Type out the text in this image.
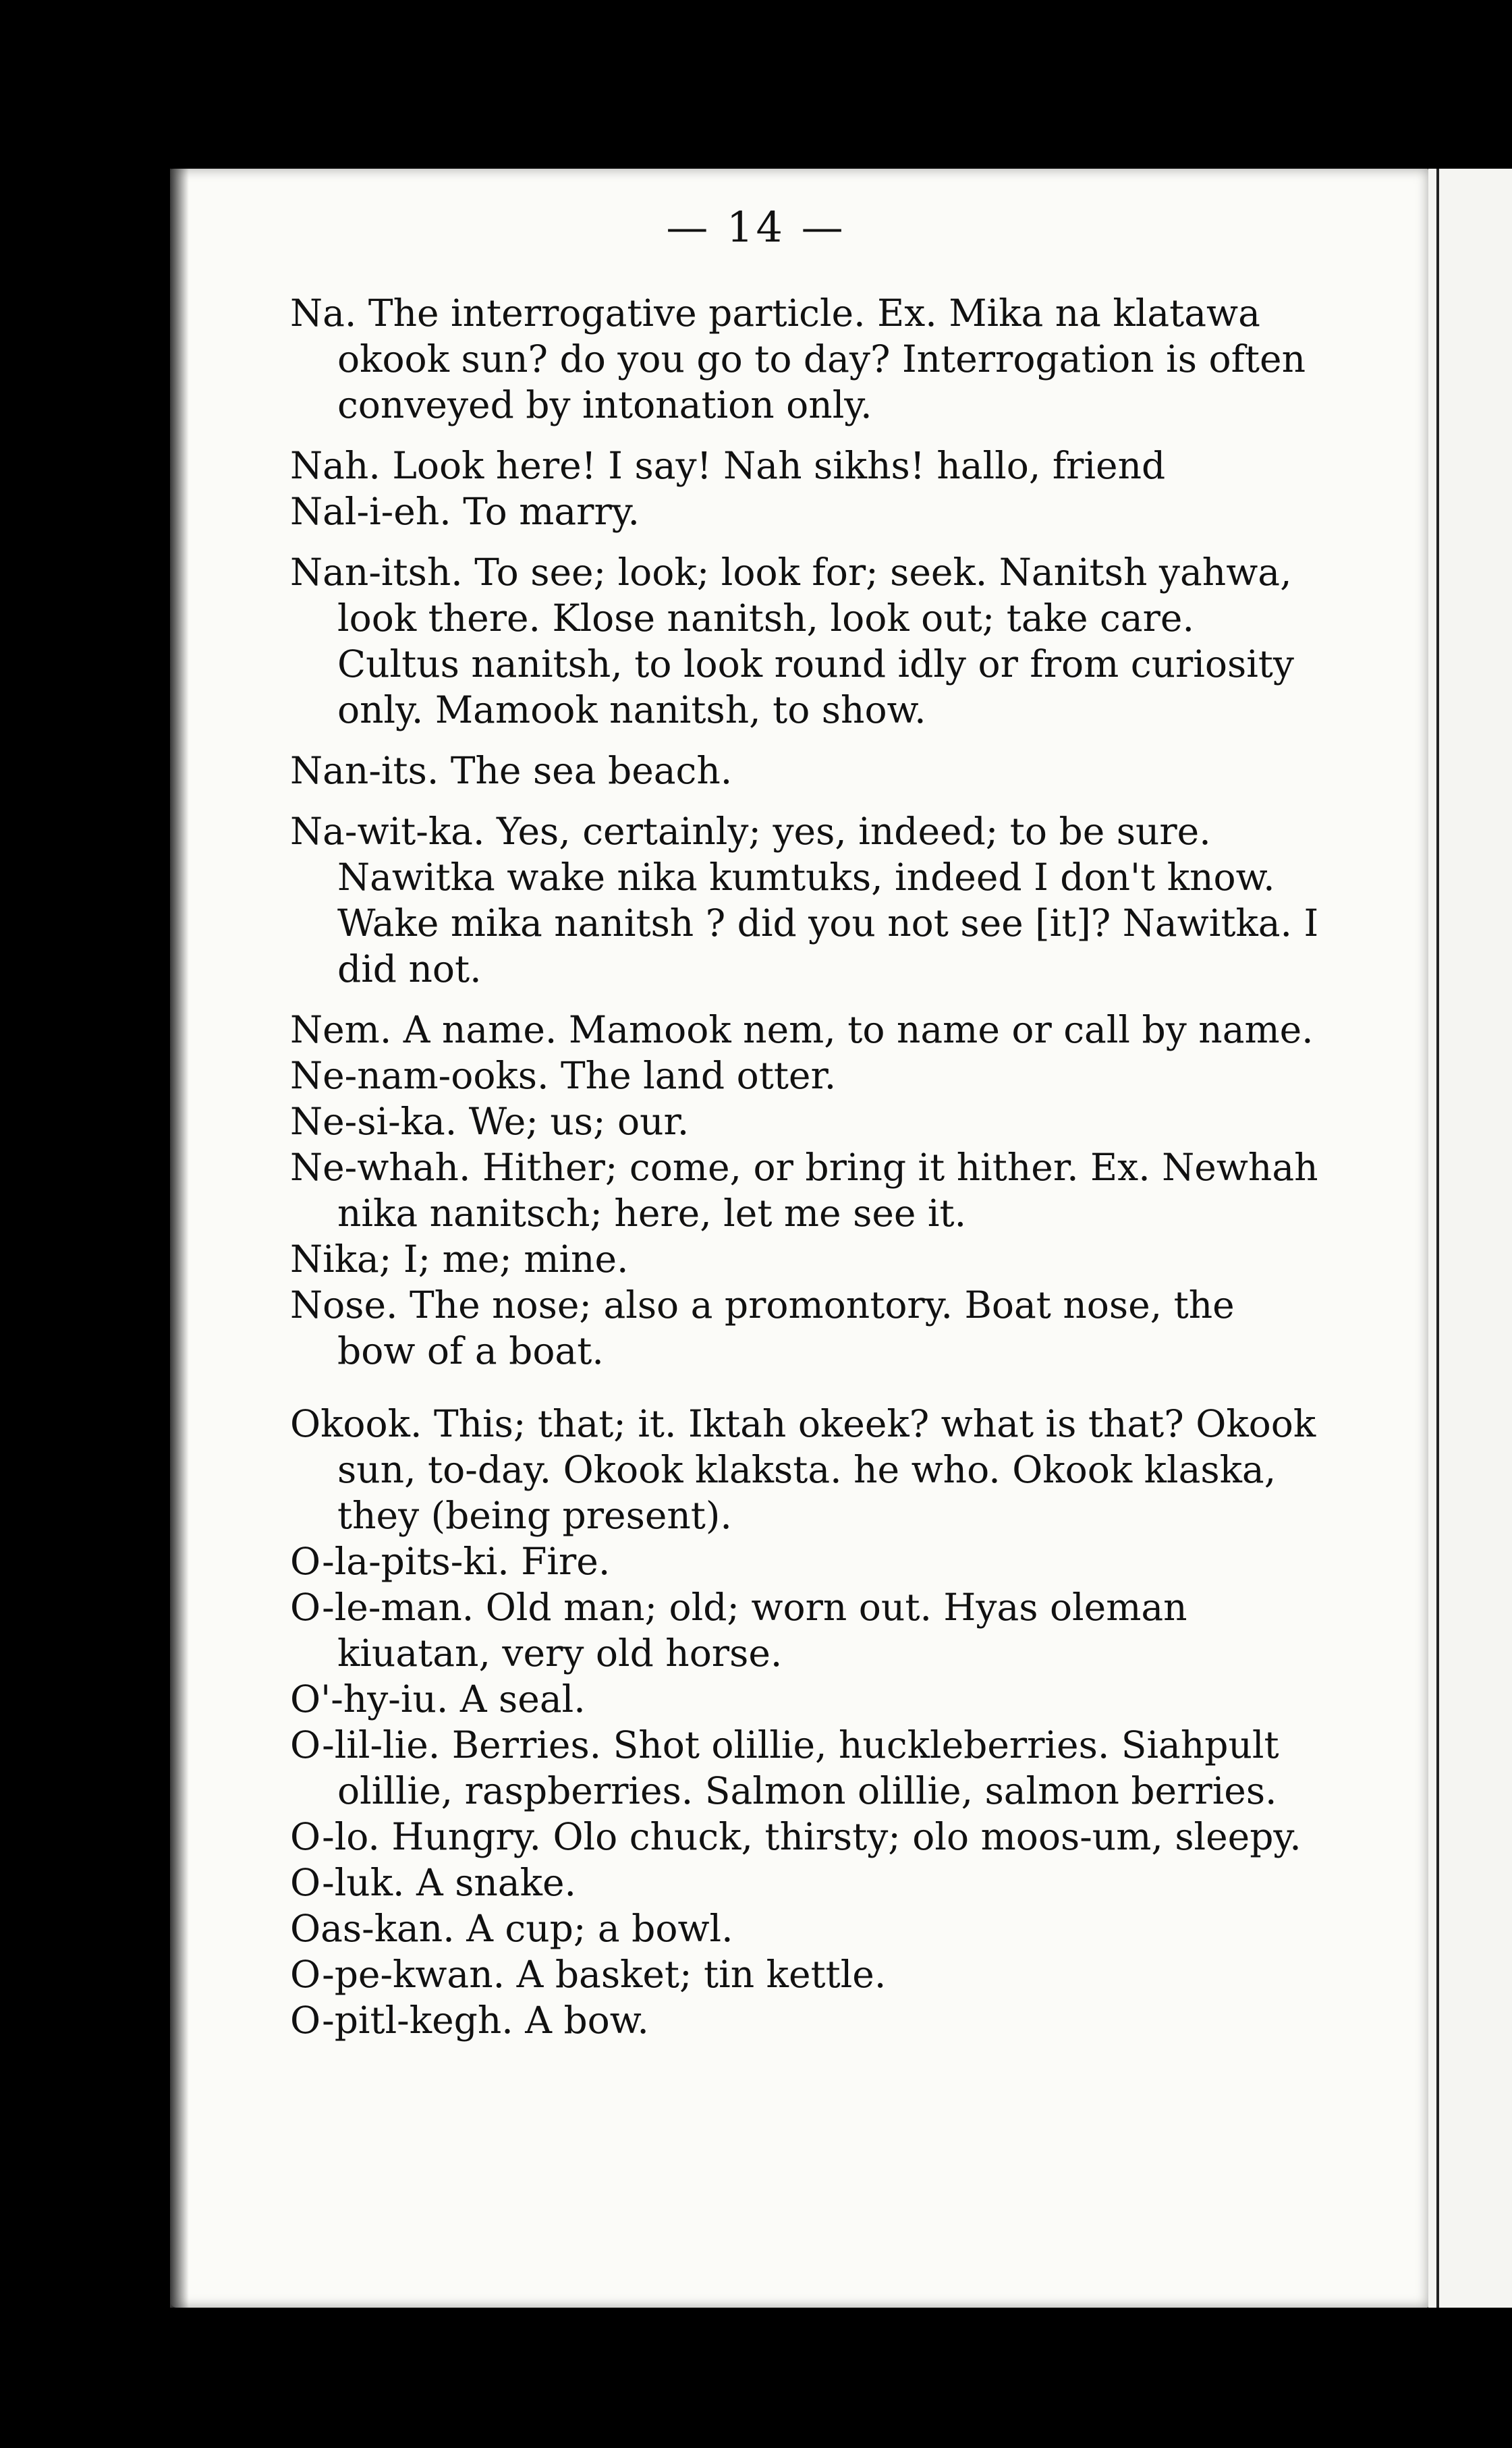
— 14 —

Na. The interrogative particle. Ex. Mika na klatawa okook sun? do you go to day? Interrogation is often conveyed by intonation only.

Nah. Look here! I say! Nah sikhs! hallo, friend

Nal-i-eh. To marry.

Nan-itsh. To see; look; look for; seek. Nanitsh yahwa, look there. Klose nanitsh, look out; take care. Cultus nanitsh, to look round idly or from curiosity only. Mamook nanitsh, to show.

Nan-its. The sea beach.

Na-wit-ka. Yes, certainly; yes, indeed; to be sure. Nawitka wake nika kumtuks, indeed I don't know. Wake mika nanitsh ? did you not see [it]? Nawitka. I did not.

Nem. A name. Mamook nem, to name or call by name.

Ne-nam-ooks. The land otter.

Ne-si-ka. We; us; our.

Ne-whah. Hither; come, or bring it hither. Ex. Newhah nika nanitsch; here, let me see it.

Nika; I; me; mine.

Nose. The nose; also a promontory. Boat nose, the bow of a boat.

Okook. This; that; it. Iktah okeek? what is that? Okook sun, to-day. Okook klaksta. he who. Okook klaska, they (being present).

O-la-pits-ki. Fire.

O-le-man. Old man; old; worn out. Hyas oleman kiuatan, very old horse.

O'-hy-iu. A seal.

O-lil-lie. Berries. Shot olillie, huckleberries. Siahpult olillie, raspberries. Salmon olillie, salmon berries.

O-lo. Hungry. Olo chuck, thirsty; olo moos-um, sleepy.

O-luk. A snake.

Oas-kan. A cup; a bowl.

O-pe-kwan. A basket; tin kettle.

O-pitl-kegh. A bow.
